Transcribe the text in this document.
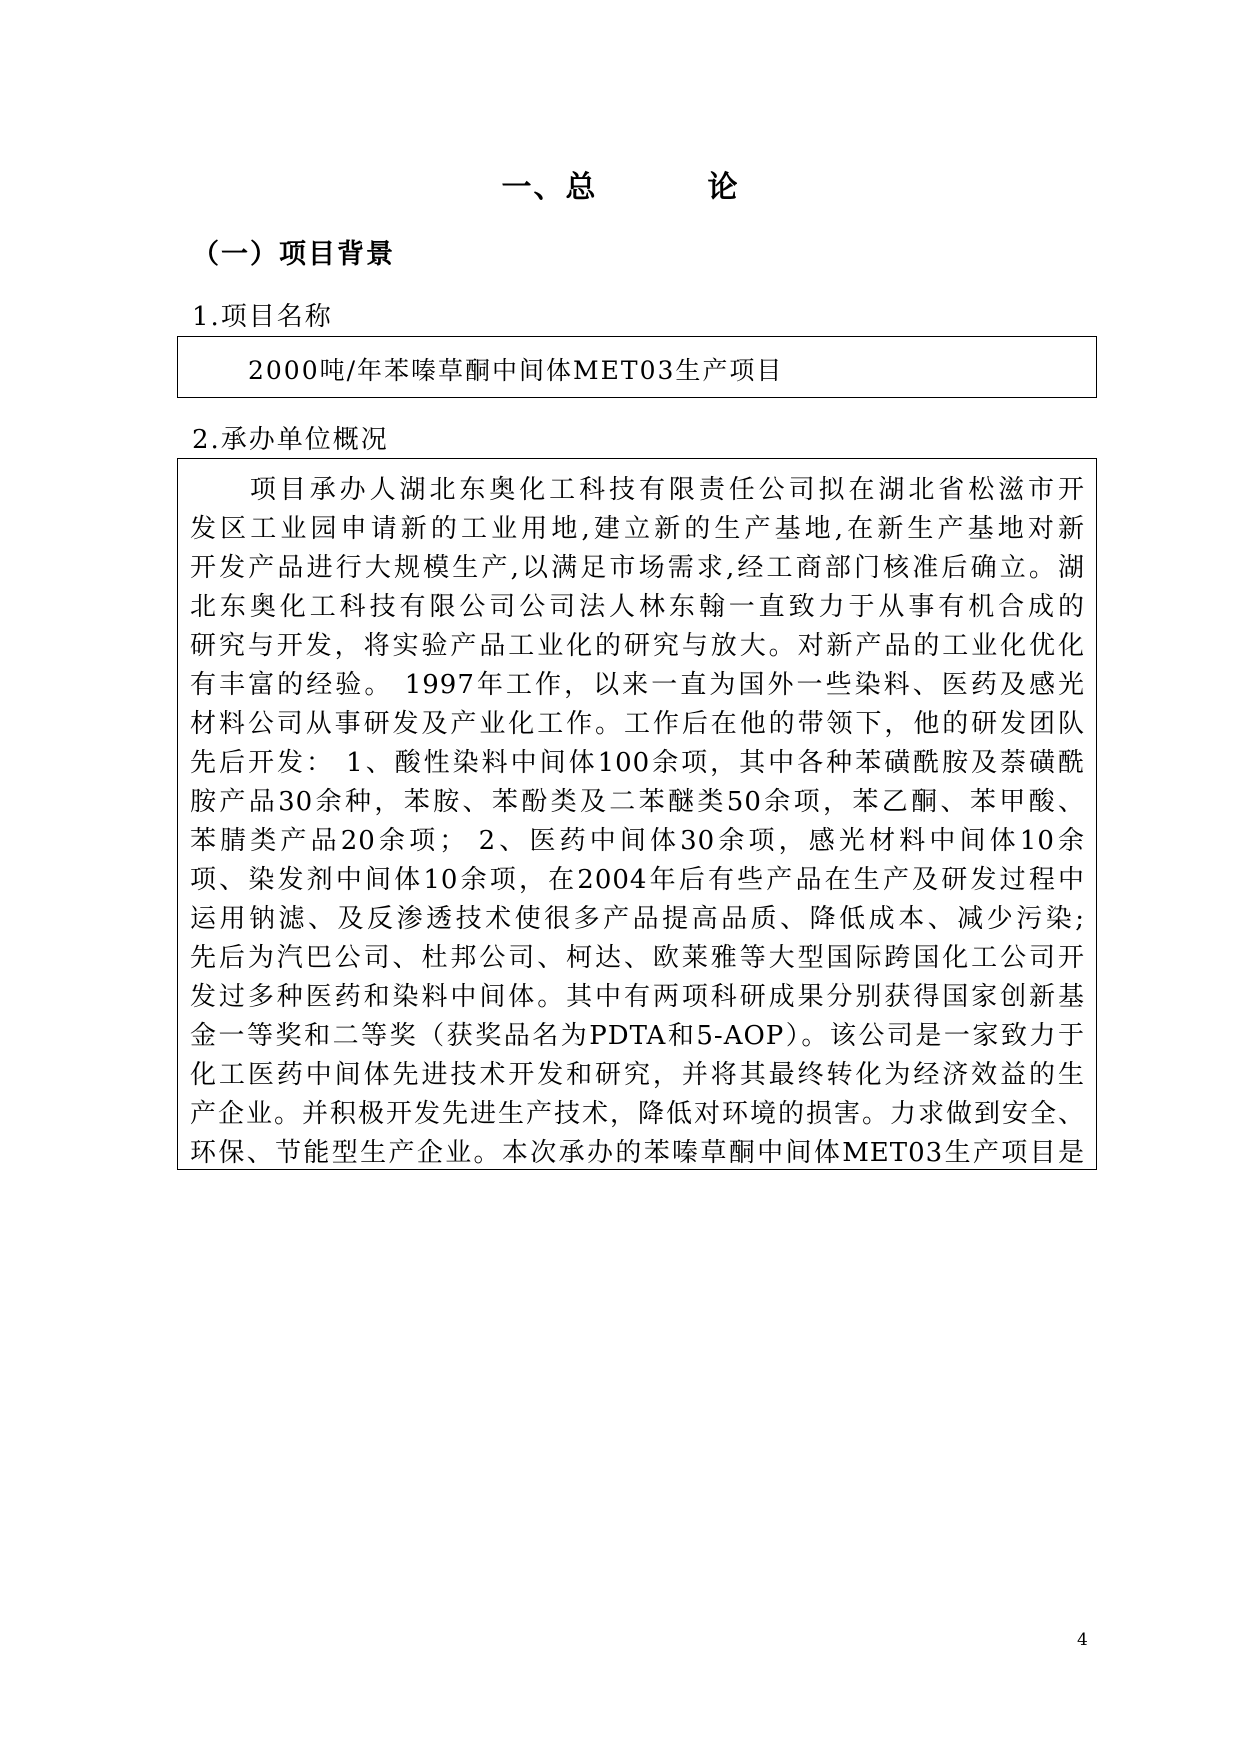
一、总	论
（一）项目背景
1.项目名称
2000吨/年苯嗪草酮中间体MET03生产项目
2.承办单位概况
　　项目承办人湖北东奥化工科技有限责任公司拟在湖北省松滋市开
发区工业园申请新的工业用地,建立新的生产基地,在新生产基地对新
开发产品进行大规模生产,以满足市场需求,经工商部门核准后确立。湖
北东奥化工科技有限公司公司法人林东翰一直致力于从事有机合成的
研究与开发，将实验产品工业化的研究与放大。对新产品的工业化优化
有丰富的经验。 1997年工作，以来一直为国外一些染料、医药及感光
材料公司从事研发及产业化工作。工作后在他的带领下，他的研发团队
先后开发： 1、酸性染料中间体100余项，其中各种苯磺酰胺及萘磺酰
胺产品30余种，苯胺、苯酚类及二苯醚类50余项，苯乙酮、苯甲酸、
苯腈类产品20余项； 2、医药中间体30余项，感光材料中间体10余
项、染发剂中间体10余项，在2004年后有些产品在生产及研发过程中
运用钠滤、及反渗透技术使很多产品提高品质、降低成本、减少污染;
先后为汽巴公司、杜邦公司、柯达、欧莱雅等大型国际跨国化工公司开
发过多种医药和染料中间体。其中有两项科研成果分别获得国家创新基
金一等奖和二等奖（获奖品名为PDTA和5-AOP）。该公司是一家致力于
化工医药中间体先进技术开发和研究，并将其最终转化为经济效益的生
产企业。并积极开发先进生产技术，降低对环境的损害。力求做到安全、
环保、节能型生产企业。本次承办的苯嗪草酮中间体MET03生产项目是
4
